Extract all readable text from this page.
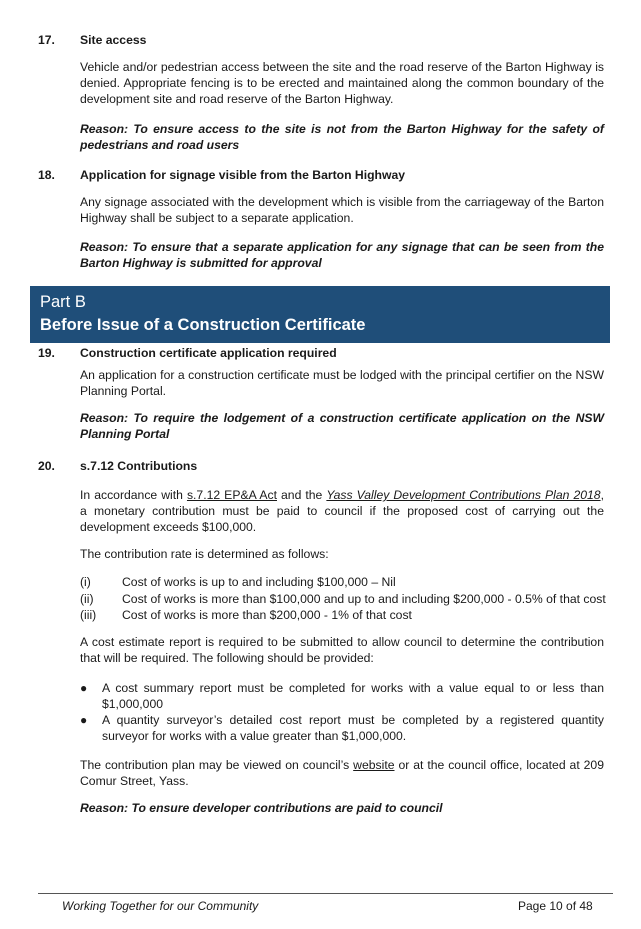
17. Site access

Vehicle and/or pedestrian access between the site and the road reserve of the Barton Highway is denied. Appropriate fencing is to be erected and maintained along the common boundary of the development site and road reserve of the Barton Highway.

Reason: To ensure access to the site is not from the Barton Highway for the safety of pedestrians and road users

18. Application for signage visible from the Barton Highway

Any signage associated with the development which is visible from the carriageway of the Barton Highway shall be subject to a separate application.

Reason: To ensure that a separate application for any signage that can be seen from the Barton Highway is submitted for approval

Part B
Before Issue of a Construction Certificate
19. Construction certificate application required

An application for a construction certificate must be lodged with the principal certifier on the NSW Planning Portal.

Reason: To require the lodgement of a construction certificate application on the NSW Planning Portal

20. s.7.12 Contributions

In accordance with s.7.12 EP&A Act and the Yass Valley Development Contributions Plan 2018, a monetary contribution must be paid to council if the proposed cost of carrying out the development exceeds $100,000.

The contribution rate is determined as follows:

(i)	Cost of works is up to and including $100,000 – Nil
(ii) Cost of works is more than $100,000 and up to and including $200,000 - 0.5% of that cost
(iii) Cost of works is more than $200,000 - 1% of that cost

A cost estimate report is required to be submitted to allow council to determine the contribution that will be required. The following should be provided:

● A cost summary report must be completed for works with a value equal to or less than $1,000,000

● A quantity surveyor’s detailed cost report must be completed by a registered quantity surveyor for works with a value greater than $1,000,000.

The contribution plan may be viewed on council’s website or at the council office, located at 209 Comur Street, Yass.

Reason: To ensure developer contributions are paid to council

Working Together for our Community	Page 10 of 48
